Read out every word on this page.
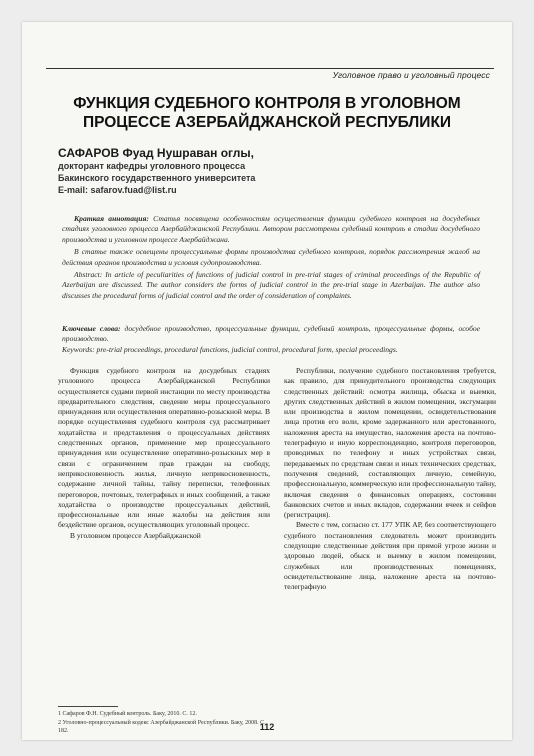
Уголовное право и уголовный процесс
ФУНКЦИЯ СУДЕБНОГО КОНТРОЛЯ В УГОЛОВНОМ ПРОЦЕССЕ АЗЕРБАЙДЖАНСКОЙ РЕСПУБЛИКИ
САФАРОВ Фуад Нушраван оглы,
докторант кафедры уголовного процесса
Бакинского государственного университета
E-mail: safarov.fuad@list.ru

Краткая аннотация: Статья посвящена особенностям осуществления функции судебного контроля на досудебных стадиях уголовного процесса Азербайджанской Республики. Автором рассмотрены судебный контроль в стадии досудебного производства и уголовном процессе Азербайджана.

В статье также освещены процессуальные формы производства судебного контроля, порядок рассмотрения жалоб на действия органов производства и условия судопроизводства.

Abstract: In article of peculiarities of functions of judicial control in pre-trial stages of criminal proceedings of the Republic of Azerbaijan are discussed. The author considers the forms of judicial control in the pre-trial stage in Azerbaijan. The author also discusses the procedural forms of judicial control and the order of consideration of complaints.

Ключевые слова: досудебное производство, процессуальные функции, судебный контроль, процессуальные формы, особое производство.
Keywords: pre-trial proceedings, procedural functions, judicial control, procedural form, special proceedings.

Функция судебного контроля на досудебных стадиях уголовного процесса Азербайджанской Республики осуществляется судами первой инстанции по месту производства предварительного следствия, сведение меры процессуального принуждения или осуществления оперативно-розыскной меры. В порядке осуществления судебного контроля суд рассматривает ходатайства и представления о процессуальных действиях следственных органов, применение мер процессуального принуждения или осуществление оперативно-розыскных мер в связи с ограничением прав граждан на свободу, неприкосновенность жилья, личную неприкосновенность, содержание личной тайны, тайну переписки, телефонных переговоров, почтовых, телеграфных и иных сообщений, а также ходатайства о производстве процессуальных действий, профессиональные или иные жалобы на действия или бездействие органов, осуществляющих уголовный процесс.

В уголовном процессе Азербайджанской

Республики, получение судебного постановления требуется, как правило, для принудительного производства следующих следственных действий: осмотра жилища, обыска и выемки, других следственных действий в жилом помещении, эксгумации или производства в жилом помещении, освидетельствования лица против его воли, кроме задержанного или арестованного, наложения ареста на имущество, наложения ареста на почтово-телеграфную и иную корреспонденцию, контроля переговоров, проводимых по телефону и иных устройствах связи, передаваемых по средствам связи и иных технических средствах, получения сведений, составляющих личную, семейную, профессиональную, коммерческую или профессиональную тайну, включая сведения о финансовых операциях, состоянии банковских счетов и иных вкладов, содержании ячеек и сейфов (регистрация).

Вместе с тем, согласно ст. 177 УПК АР, без соответствующего судебного постановления следователь может производить следующие следственные действия при прямой угрозе жизни и здоровью людей, обыск и выемку в жилом помещении, служебных или производственных помещениях, освидетельствование лица, наложение ареста на почтово-телеграфную

1 Сафаров Ф.Н. Судебный контроль. Баку, 2010. С. 12.

2 Уголовно-процессуальный кодекс Азербайджанской Республики. Баку, 2008. С. 182.	112
